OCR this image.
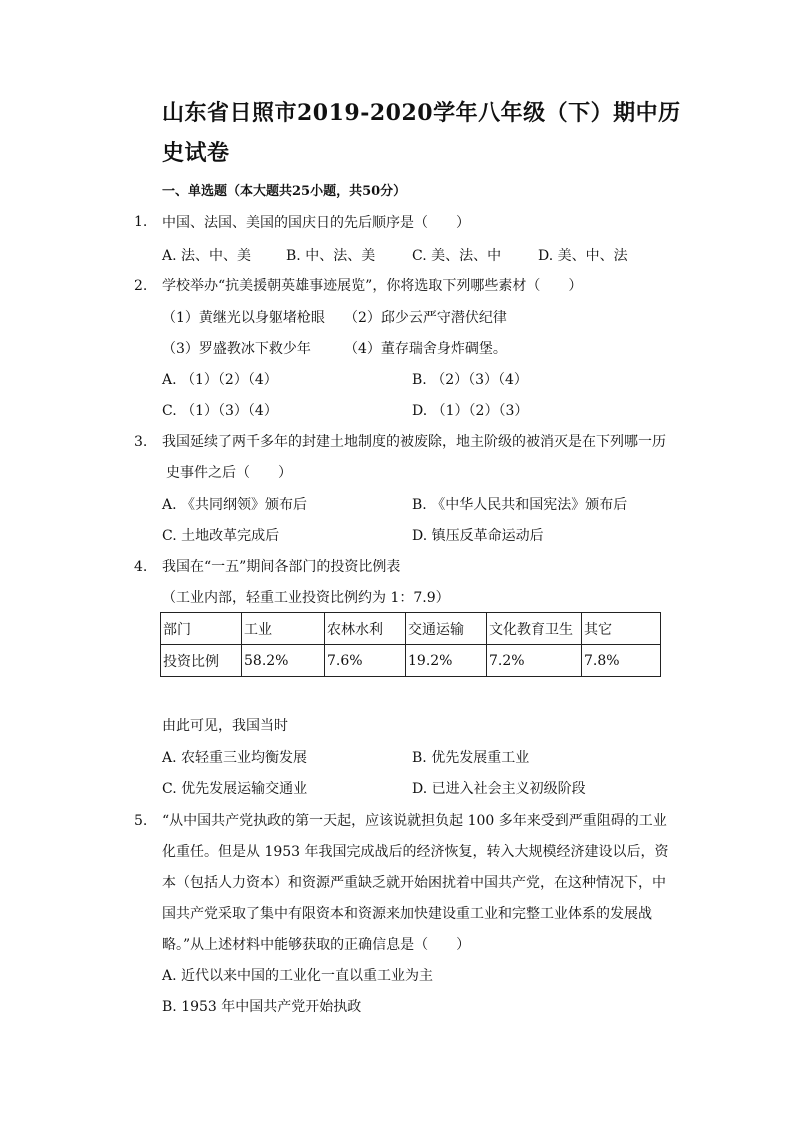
山东省日照市2019-2020学年八年级（下）期中历史试卷
一、单选题（本大题共25小题，共50分）
1. 中国、法国、美国的国庆日的先后顺序是（　　）
A. 法、中、美 B. 中、法、美	C. 美、法、中	D. 美、中、法
2. 学校举办“抗美援朝英雄事迹展览”，你将选取下列哪些素材（　　）
（1）黄继光以身躯堵枪眼 （2）邱少云严守潜伏纪律
（3）罗盛教冰下救少年 （4）董存瑞舍身炸碉堡。
A. （1）（2）（4）	B. （2）（3）（4）
C. （1）（3）（4）	D. （1）（2）（3）
3. 我国延续了两千多年的封建土地制度的被废除，地主阶级的被消灭是在下列哪一历
史事件之后（　　）
A. 《共同纲领》颁布后	B. 《中华人民共和国宪法》颁布后
C. 土地改革完成后	D. 镇压反革命运动后
4. 我国在“一五”期间各部门的投资比例表
（工业内部，轻重工业投资比例约为 1：7.9）
部门	工业	农林水利	交通运输	文化教育卫生	其它
投资比例	58.2%	7.6%	19.2%	7.2%	7.8%
由此可见，我国当时
A. 农轻重三业均衡发展	B. 优先发展重工业
C. 优先发展运输交通业	D. 已进入社会主义初级阶段
5. “从中国共产党执政的第一天起，应该说就担负起 100 多年来受到严重阻碍的工业
化重任。但是从 1953 年我国完成战后的经济恢复，转入大规模经济建设以后，资
本（包括人力资本）和资源严重缺乏就开始困扰着中国共产党，在这种情况下，中
国共产党采取了集中有限资本和资源来加快建设重工业和完整工业体系的发展战
略。”从上述材料中能够获取的正确信息是（　　）
A. 近代以来中国的工业化一直以重工业为主
B. 1953 年中国共产党开始执政
